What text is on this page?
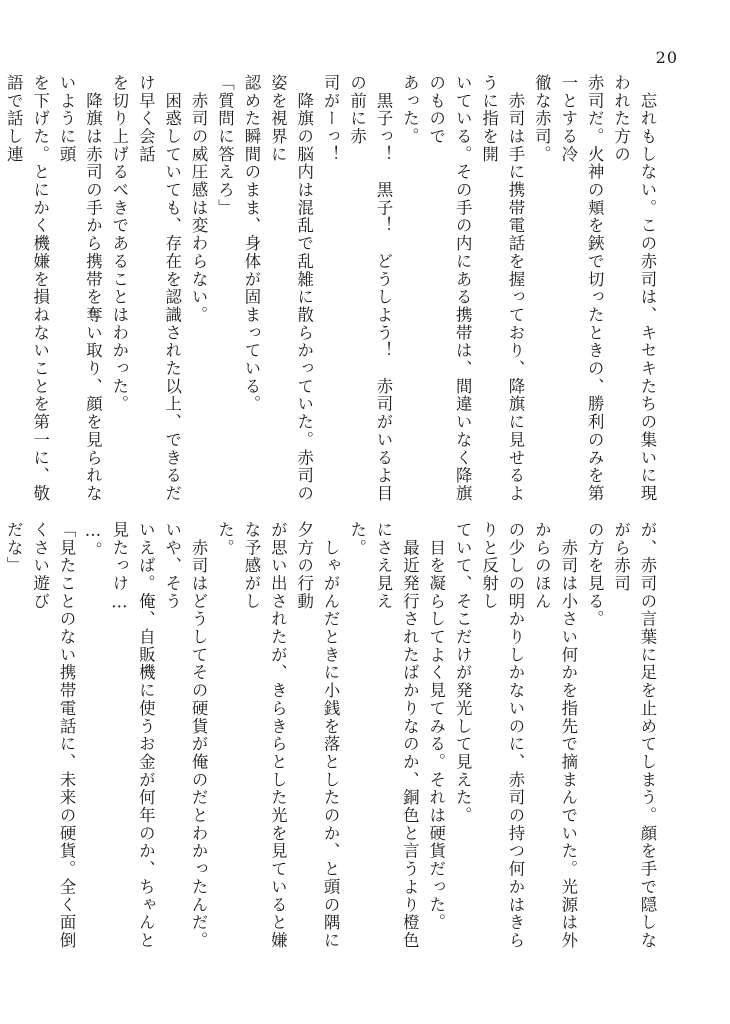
20

　忘れもしない。この赤司は、キセキたちの集いに現われた方の

赤司だ。火神の頬を鋏で切ったときの、勝利のみを第一とする冷

徹な赤司。

　赤司は手に携帯電話を握っており、降旗に見せるように指を開

いている。その手の内にある携帯は、間違いなく降旗のもので

あった。

　黒子っ！　黒子！　どうしよう！　赤司がいるよ目の前に赤

司がーっ！

　降旗の脳内は混乱で乱雑に散らかっていた。赤司の姿を視界に

認めた瞬間のまま、身体が固まっている。

「質問に答えろ」

　赤司の威圧感は変わらない。

　困惑していても、存在を認識された以上、できるだけ早く会話

を切り上げるべきであることはわかった。

　降旗は赤司の手から携帯を奪い取り、顔を見られないように頭

を下げた。とにかく機嫌を損ねないことを第一に、敬語で話し連

が、赤司の言葉に足を止めてしまう。顔を手で隠しながら赤司

の方を見る。

　赤司は小さい何かを指先で摘まんでいた。光源は外からのほん

の少しの明かりしかないのに、赤司の持つ何かはきらりと反射し

ていて、そこだけが発光して見えた。

　目を凝らしてよく見てみる。それは硬貨だった。

　最近発行されたばかりなのか、銅色と言うより橙色にさえ見え

た。

　しゃがんだときに小銭を落としたのか、と頭の隅に夕方の行動

が思い出されたが、きらきらとした光を見ていると嫌な予感がし

た。

　赤司はどうしてその硬貨が俺のだとわかったんだ。いや、そう

いえば。俺、自販機に使うお金が何年のか、ちゃんと見たっけ…

…。

「見たことのない携帯電話に、未来の硬貨。全く面倒くさい遊び

だな」
